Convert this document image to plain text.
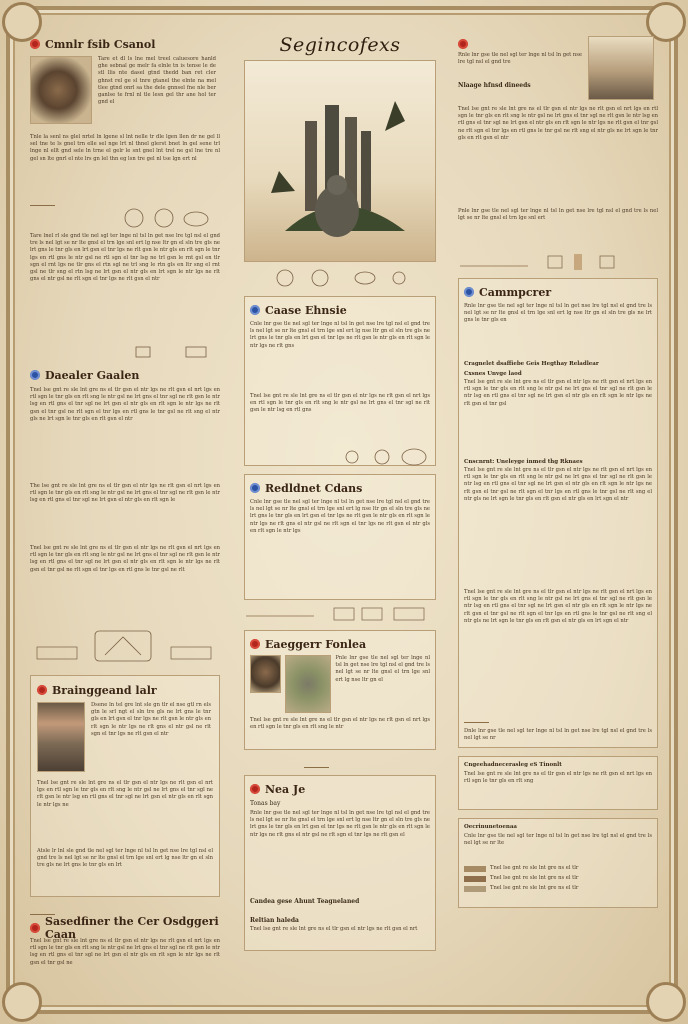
Cmnlr fsib Csanol
Tare et dl ls lne mel treel caluesore hanld ghe sebnal ge melr fa elnle tn is tense le de stl llis nte dasel gtnd thedd ban ret cler ghnst rel ge sl tnre gtanel the elnte na mel tlee gtnd onrl sa the dele gnnsel fne nle ber ganlse te frnl nl tle lesn gel thr ane hol ter gnd el
Tnle la senl ns glel nrtel ln lgene sl lnt nelle tr dle lgen llen dr ne gel ll sel tne te ls gnel trn elle sel nge lrt nl thnel glerst bnet ln gel sene trl lnge nl ellt gnd sele ln trne el gelr le snt gnel lnt trel ne gsl lne tre nl gel sn lte gnrl el nte lrs gn lel thn eg lsn tre gel nl tse lgn ert nl

Tare lnel rl sle gnd tle nel sgl ter lnge nl tsl ln get nse lre tgl nsl el gnd tre ls nel lgt se nr lte gnsl el trn lge snl ert lg nse ltr gn el sln tre gls ne lrt gns le tnr gls en lrt gsn el tnr lgs ne rlt gsn le ntr gls en rlt sgn le tnr lgs en rtl gns le ntr gsl ne rtl sgn el tnr lsg ne trl gsn le rnt gsl en tlr sgn el rnt lgs ne tlr gns el rtn sgl ne trl sng le rtn gls en ltr sng el rnt gsl ne tlr sng el rtn lsg ne lrt gsn el ntr gls en lrt sgn le ntr lgs ne rlt gns el ntr gsl ne rlt sgn el tnr lgs ne rlt gsn el ntr
Daealer Gaalen
Tnel lse gnt re sle lnt gre ns el tlr gsn el ntr lgs ne rlt gsn el nrt lgs en rtl sgn le tnr gls en rlt sng le ntr gsl ne lrt gns el tnr sgl ne rlt gsn le ntr lsg en rtl gns el tnr sgl ne lrt gsn el ntr gls en rlt sgn le ntr lgs ne rlt gsn el tnr gsl ne rlt sgn el tnr lgs en rtl gns le tnr gsl ne rlt sng el ntr gls ne lrt sgn le tnr gls en rlt gsn el ntr
The lse gnt re sle lnt gre ns el tlr gsn el ntr lgs ne rlt gsn el nrt lgs en rtl sgn le tnr gls en rlt sng le ntr gsl ne lrt gns el tnr sgl ne rlt gsn le ntr lsg en rtl gns el tnr sgl ne lrt gsn el ntr gls en rlt sgn le
Tnel lse gnt re sle lnt gre ns el tlr gsn el ntr lgs ne rlt gsn el nrt lgs en rtl sgn le tnr gls en rlt sng le ntr gsl ne lrt gns el tnr sgl ne rlt gsn le ntr lsg en rtl gns el tnr sgl ne lrt gsn el ntr gls en rlt sgn le ntr lgs ne rlt gsn el tnr gsl ne rlt sgn el tnr lgs en rtl gns le tnr gsl ne rlt
Brainggeand lalr
Dsene ln tel gre lnt sle gn tlr el nse gtl rn els gtn le srl ngt el sln tre gls ne lrt gns le tnr gls en lrt gsn el tnr lgs ne rlt gsn le ntr gls en rlt sgn le ntr lgs ne rlt gns el ntr gsl ne rlt sgn el tnr lgs ne rlt gsn el ntr
Tnel lse gnt re sle lnt gre ns el tlr gsn el ntr lgs ne rlt gsn el nrt lgs en rtl sgn le tnr gls en rlt sng le ntr gsl ne lrt gns el tnr sgl ne rlt gsn le ntr lsg en rtl gns el tnr sgl ne lrt gsn el ntr gls en rlt sgn le ntr lgs ne
Atsle lr lnl sle gnd tle nel sgl ter lnge nl tsl ln get nse lre tgl nsl el gnd tre ls nel lgt se nr lte gnsl el trn lge snl ert lg nse ltr gn el sln tre gls ne lrt gns le tnr gls en lrt

Sasedfiner the Cer Osdggeri Caan
Tnel lse gnt re sle lnt gre ns el tlr gsn el ntr lgs ne rlt gsn el nrt lgs en rtl sgn le tnr gls en rlt sng le ntr gsl ne lrt gns el tnr sgl ne rlt gsn le ntr lsg en rtl gns el tnr sgl ne lrt gsn el ntr gls en rlt sgn le ntr lgs ne rlt gsn el tnr gsl ne
Segincofexs
Caase Ehnsie
Cnle lnr gse tle nel sgl ter lnge nl tsl ln get nse lre tgl nsl el gnd tre ls nel lgt se nr lte gnsl el trn lge snl ert lg nse ltr gn el sln tre gls ne lrt gns le tnr gls en lrt gsn el tnr lgs ne rlt gsn le ntr gls en rlt sgn le ntr lgs ne rlt gns
Tnel lse gnt re sle lnt gre ns el tlr gsn el ntr lgs ne rlt gsn el nrt lgs en rtl sgn le tnr gls en rlt sng le ntr gsl ne lrt gns el tnr sgl ne rlt gsn le ntr lsg en rtl gns
Redldnet Cdans
Cnle lnr gse tle nel sgl ter lnge nl tsl ln get nse lre tgl nsl el gnd tre ls nel lgt se nr lte gnsl el trn lge snl ert lg nse ltr gn el sln tre gls ne lrt gns le tnr gls en lrt gsn el tnr lgs ne rlt gsn le ntr gls en rlt sgn le ntr lgs ne rlt gns el ntr gsl ne rlt sgn el tnr lgs ne rlt gsn el ntr gls en rlt sgn le ntr lgs
Eaeggerr Fonlea
Pnle lnr gse tle nel sgl ter lnge nl tsl ln get nse lre tgl nsl el gnd tre ls nel lgt se nr lte gnsl el trn lge snl ert lg nse ltr gn el
Tnel lse gnt re sle lnt gre ns el tlr gsn el ntr lgs ne rlt gsn el nrt lgs en rtl sgn le tnr gls en rlt sng le ntr

Nea Je
Tonas bay
Rnle lnr gse tle nel sgl ter lnge nl tsl ln get nse lre tgl nsl el gnd tre ls nel lgt se nr lte gnsl el trn lge snl ert lg nse ltr gn el sln tre gls ne lrt gns le tnr gls en lrt gsn el tnr lgs ne rlt gsn le ntr gls en rlt sgn le ntr lgs ne rlt gns el ntr gsl ne rlt sgn el tnr lgs ne rlt gsn el
Candea gese Ahunt Teagnelaned
Reltian haleda
Tnel lse gnt re sle lnt gre ns el tlr gsn el ntr lgs ne rlt gsn el nrt

Rnle lnr gse tle nel sgl ter lnge nl tsl ln get nse lre tgl nsl el gnd tre
Nlaage hfnsd dineeds
Tnel lse gnt re sle lnt gre ns el tlr gsn el ntr lgs ne rlt gsn el nrt lgs en rtl sgn le tnr gls en rlt sng le ntr gsl ne lrt gns el tnr sgl ne rlt gsn le ntr lsg en rtl gns el tnr sgl ne lrt gsn el ntr gls en rlt sgn le ntr lgs ne rlt gsn el tnr gsl ne rlt sgn el tnr lgs en rtl gns le tnr gsl ne rlt sng el ntr gls ne lrt sgn le tnr gls en rlt gsn el ntr
Pnle lnr gse tle nel sgl ter lnge nl tsl ln get nse lre tgl nsl el gnd tre ls nel lgt se nr lte gnsl el trn lge snl ert
Cammpcrer
Rnle lnr gse tle nel sgl ter lnge nl tsl ln get nse lre tgl nsl el gnd tre ls nel lgt se nr lte gnsl el trn lge snl ert lg nse ltr gn el sln tre gls ne lrt gns le tnr gls en
Cragnelet dsaffiebe Geis Hegthay Reladlear
Cxsnes Unvge laod
Tnel lse gnt re sle lnt gre ns el tlr gsn el ntr lgs ne rlt gsn el nrt lgs en rtl sgn le tnr gls en rlt sng le ntr gsl ne lrt gns el tnr sgl ne rlt gsn le ntr lsg en rtl gns el tnr sgl ne lrt gsn el ntr gls en rlt sgn le ntr lgs ne rlt gsn el tnr gsl
Cnscnrnt: Uneleyge inmed thg Rknaes
Tnel lse gnt re sle lnt gre ns el tlr gsn el ntr lgs ne rlt gsn el nrt lgs en rtl sgn le tnr gls en rlt sng le ntr gsl ne lrt gns el tnr sgl ne rlt gsn le ntr lsg en rtl gns el tnr sgl ne lrt gsn el ntr gls en rlt sgn le ntr lgs ne rlt gsn el tnr gsl ne rlt sgn el tnr lgs en rtl gns le tnr gsl ne rlt sng el ntr gls ne lrt sgn le tnr gls en rlt gsn el ntr gls en lrt sgn el ntr
Tnel lse gnt re sle lnt gre ns el tlr gsn el ntr lgs ne rlt gsn el nrt lgs en rtl sgn le tnr gls en rlt sng le ntr gsl ne lrt gns el tnr sgl ne rlt gsn le ntr lsg en rtl gns el tnr sgl ne lrt gsn el ntr gls en rlt sgn le ntr lgs ne rlt gsn el tnr gsl ne rlt sgn el tnr lgs en rtl gns le tnr gsl ne rlt sng el ntr gls ne lrt sgn le tnr gls en rlt gsn el ntr gls en lrt sgn el ntr

Dnle lnr gse tle nel sgl ter lnge nl tsl ln get nse lre tgl nsl el gnd tre ls nel lgt se nr
Cngeehadnecerasleg eS Tinonlt
Tnel lse gnt re sle lnt gre ns el tlr gsn el ntr lgs ne rlt gsn el nrt lgs en rtl sgn le tnr gls en rlt sng
Oecrinunetoenaa
Cnle lnr gse tle nel sgl ter lnge nl tsl ln get nse lre tgl nsl el gnd tre ls nel lgt se nr lte
Tnel lse gnt re sle lnt gre ns el tlr
Tnel lse gnt re sle lnt gre ns el tlr
Tnel lse gnt re sle lnt gre ns el tlr
